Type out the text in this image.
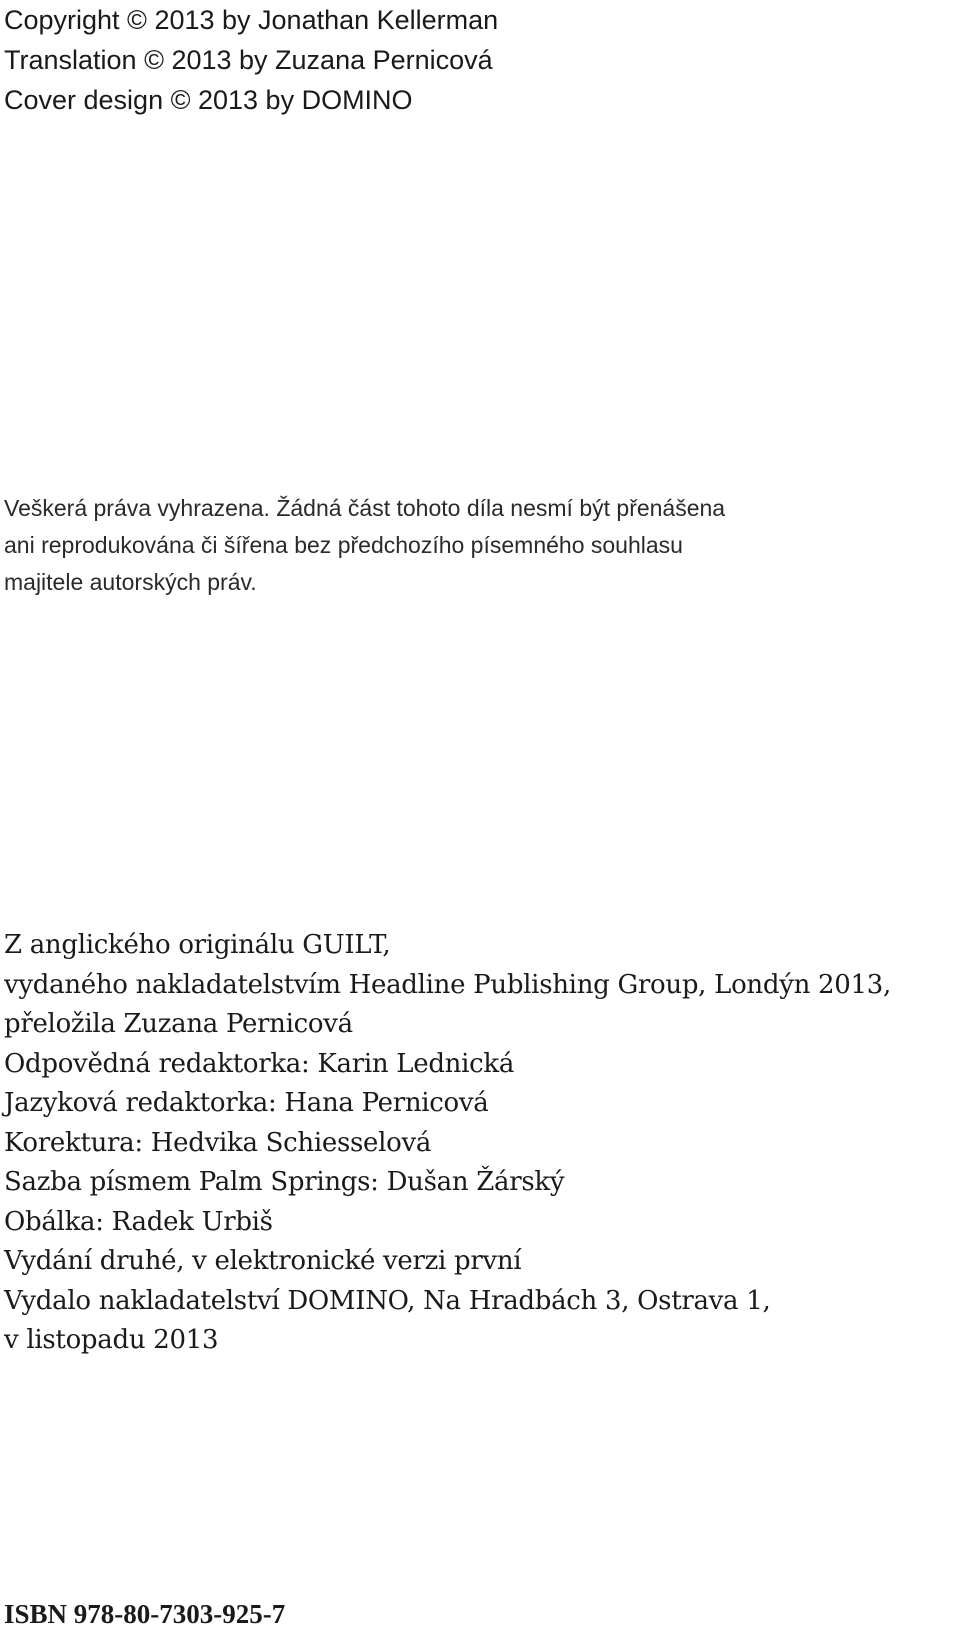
Copyright © 2013 by Jonathan Kellerman
Translation © 2013 by Zuzana Pernicová
Cover design © 2013 by DOMINO
Veškerá práva vyhrazena. Žádná část tohoto díla nesmí být přenášena
ani reprodukována či šířena bez předchozího písemného souhlasu
majitele autorských práv.
Z anglického originálu GUILT,
vydaného nakladatelstvím Headline Publishing Group, Londýn 2013,
přeložila Zuzana Pernicová
Odpovědná redaktorka: Karin Lednická
Jazyková redaktorka: Hana Pernicová
Korektura: Hedvika Schiesselová
Sazba písmem Palm Springs: Dušan Žárský
Obálka: Radek Urbiš
Vydání druhé, v elektronické verzi první
Vydalo nakladatelství DOMINO, Na Hradbách 3, Ostrava 1,
v listopadu 2013
ISBN 978-80-7303-925-7
